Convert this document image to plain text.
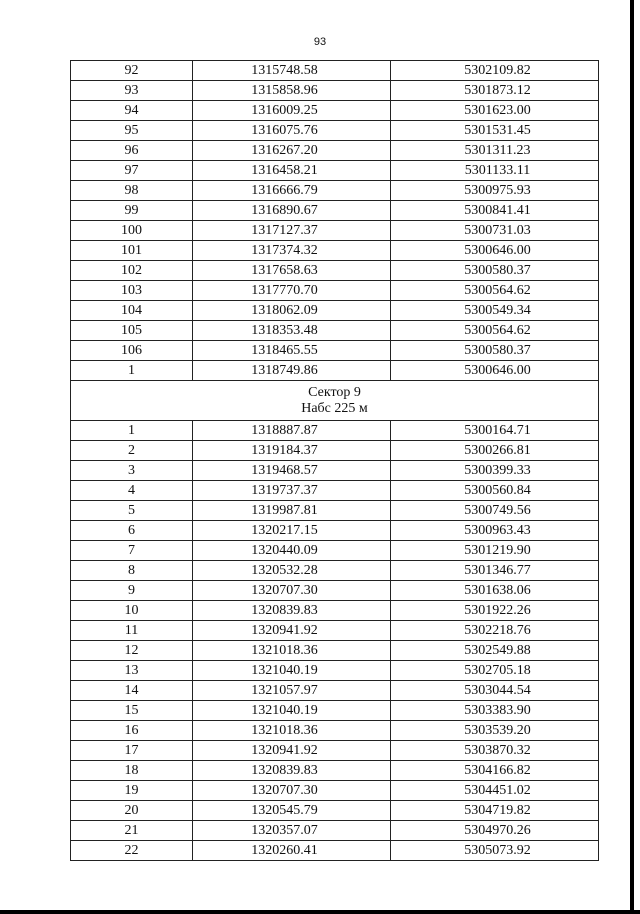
93
92	1315748.58	5302109.82
93	1315858.96	5301873.12
94	1316009.25	5301623.00
95	1316075.76	5301531.45
96	1316267.20	5301311.23
97	1316458.21	5301133.11
98	1316666.79	5300975.93
99	1316890.67	5300841.41
100	1317127.37	5300731.03
101	1317374.32	5300646.00
102	1317658.63	5300580.37
103	1317770.70	5300564.62
104	1318062.09	5300549.34
105	1318353.48	5300564.62
106	1318465.55	5300580.37
1	1318749.86	5300646.00

Сектор 9
Набс 225 м		

1	1318887.87	5300164.71
2	1319184.37	5300266.81
3	1319468.57	5300399.33
4	1319737.37	5300560.84
5	1319987.81	5300749.56
6	1320217.15	5300963.43
7	1320440.09	5301219.90
8	1320532.28	5301346.77
9	1320707.30	5301638.06
10	1320839.83	5301922.26
11	1320941.92	5302218.76
12	1321018.36	5302549.88
13	1321040.19	5302705.18
14	1321057.97	5303044.54
15	1321040.19	5303383.90
16	1321018.36	5303539.20
17	1320941.92	5303870.32
18	1320839.83	5304166.82
19	1320707.30	5304451.02
20	1320545.79	5304719.82
21	1320357.07	5304970.26
22	1320260.41	5305073.92
